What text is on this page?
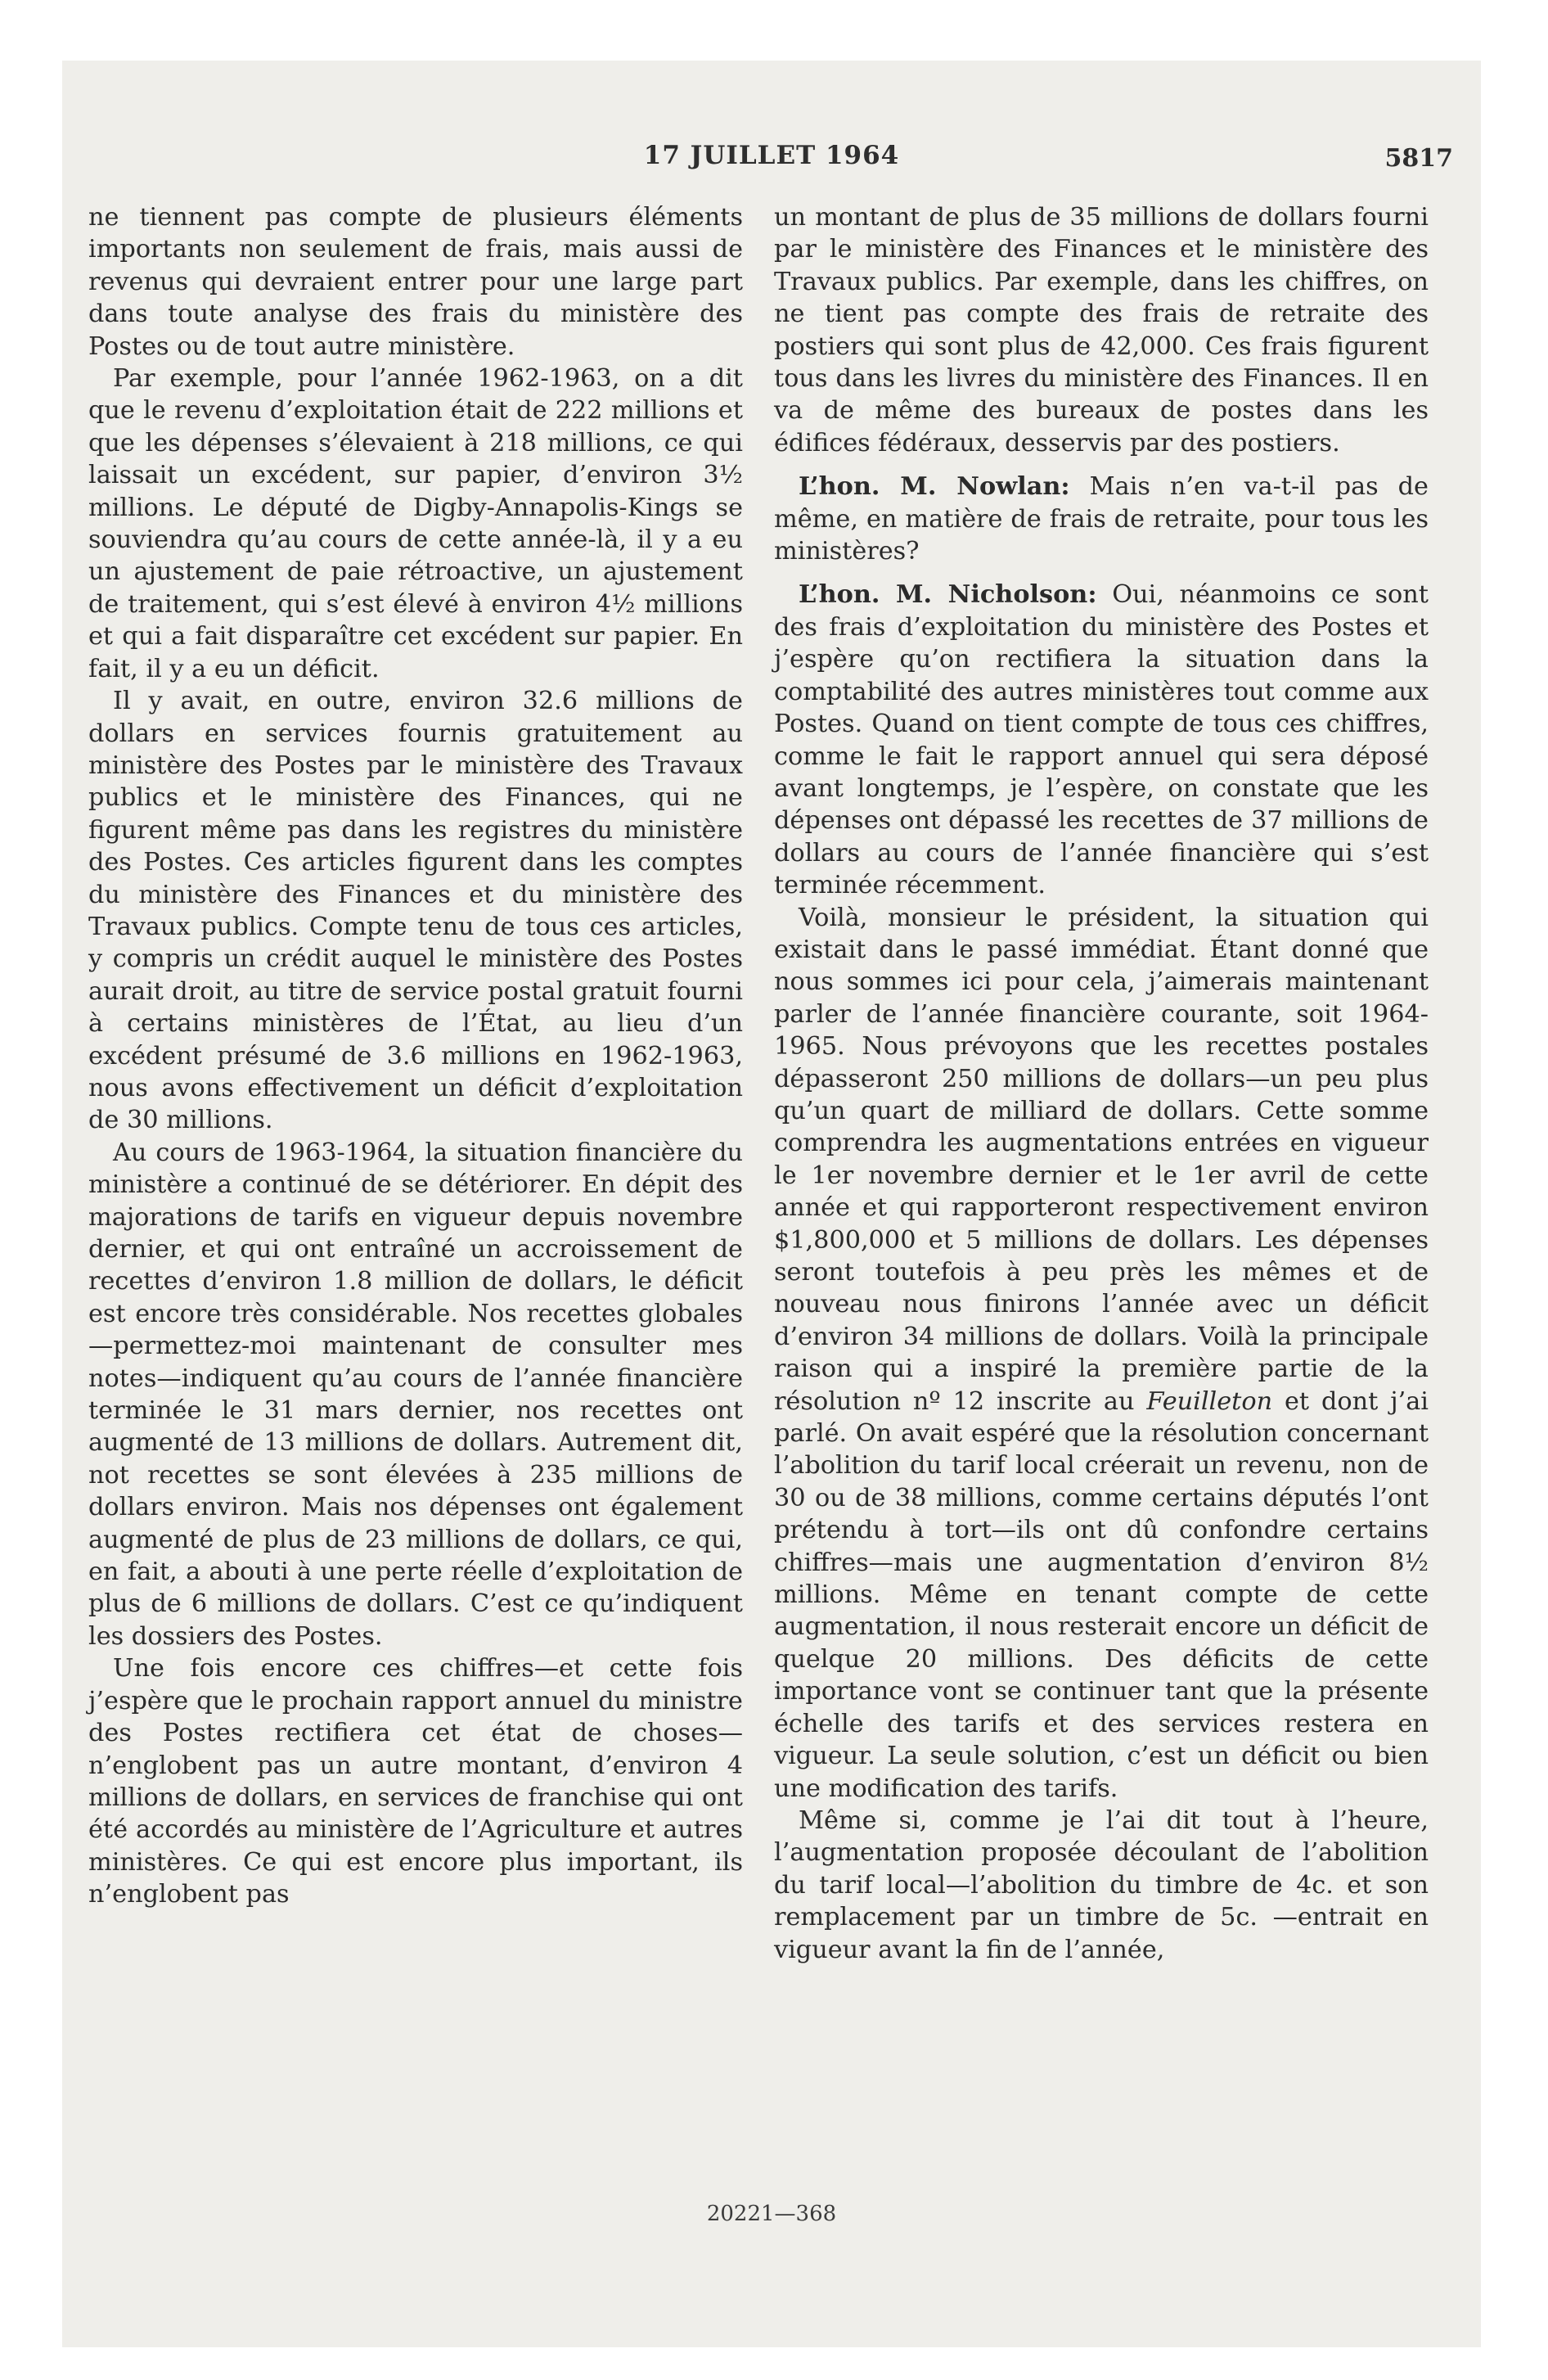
17 JUILLET 1964	5817

ne tiennent pas compte de plusieurs éléments importants non seulement de frais, mais aussi de revenus qui devraient entrer pour une large part dans toute analyse des frais du ministère des Postes ou de tout autre ministère.

Par exemple, pour l’année 1962-1963, on a dit que le revenu d’exploitation était de 222 millions et que les dépenses s’élevaient à 218 millions, ce qui laissait un excédent, sur papier, d’environ 3½ millions. Le député de Digby-Annapolis-Kings se souviendra qu’au cours de cette année-là, il y a eu un ajustement de paie rétroactive, un ajustement de traitement, qui s’est élevé à environ 4½ millions et qui a fait disparaître cet excédent sur papier. En fait, il y a eu un déficit.

Il y avait, en outre, environ 32.6 millions de dollars en services fournis gratuitement au ministère des Postes par le ministère des Travaux publics et le ministère des Finances, qui ne figurent même pas dans les registres du ministère des Postes. Ces articles figurent dans les comptes du ministère des Finances et du ministère des Travaux publics. Compte tenu de tous ces articles, y compris un crédit auquel le ministère des Postes aurait droit, au titre de service postal gratuit fourni à certains ministères de l’État, au lieu d’un excédent présumé de 3.6 millions en 1962-1963, nous avons effectivement un déficit d’exploitation de 30 millions.

Au cours de 1963-1964, la situation financière du ministère a continué de se détériorer. En dépit des majorations de tarifs en vigueur depuis novembre dernier, et qui ont entraîné un accroissement de recettes d’environ 1.8 million de dollars, le déficit est encore très considérable. Nos recettes globales—permettez-moi maintenant de consulter mes notes—indiquent qu’au cours de l’année financière terminée le 31 mars dernier, nos recettes ont augmenté de 13 millions de dollars. Autrement dit, not recettes se sont élevées à 235 millions de dollars environ. Mais nos dépenses ont également augmenté de plus de 23 millions de dollars, ce qui, en fait, a abouti à une perte réelle d’exploitation de plus de 6 millions de dollars. C’est ce qu’indiquent les dossiers des Postes.

Une fois encore ces chiffres—et cette fois j’espère que le prochain rapport annuel du ministre des Postes rectifiera cet état de choses—n’englobent pas un autre montant, d’environ 4 millions de dollars, en services de franchise qui ont été accordés au ministère de l’Agriculture et autres ministères. Ce qui est encore plus important, ils n’englobent pas

un montant de plus de 35 millions de dollars fourni par le ministère des Finances et le ministère des Travaux publics. Par exemple, dans les chiffres, on ne tient pas compte des frais de retraite des postiers qui sont plus de 42,000. Ces frais figurent tous dans les livres du ministère des Finances. Il en va de même des bureaux de postes dans les édifices fédéraux, desservis par des postiers.

L’hon. M. Nowlan: Mais n’en va-t-il pas de même, en matière de frais de retraite, pour tous les ministères?

L’hon. M. Nicholson: Oui, néanmoins ce sont des frais d’exploitation du ministère des Postes et j’espère qu’on rectifiera la situation dans la comptabilité des autres ministères tout comme aux Postes. Quand on tient compte de tous ces chiffres, comme le fait le rapport annuel qui sera déposé avant longtemps, je l’espère, on constate que les dépenses ont dépassé les recettes de 37 millions de dollars au cours de l’année financière qui s’est terminée récemment.

Voilà, monsieur le président, la situation qui existait dans le passé immédiat. Étant donné que nous sommes ici pour cela, j’aimerais maintenant parler de l’année financière courante, soit 1964-1965. Nous prévoyons que les recettes postales dépasseront 250 millions de dollars—un peu plus qu’un quart de milliard de dollars. Cette somme comprendra les augmentations entrées en vigueur le 1er novembre dernier et le 1er avril de cette année et qui rapporteront respectivement environ $1,800,000 et 5 millions de dollars. Les dépenses seront toutefois à peu près les mêmes et de nouveau nous finirons l’année avec un déficit d’environ 34 millions de dollars. Voilà la principale raison qui a inspiré la première partie de la résolution nº 12 inscrite au Feuilleton et dont j’ai parlé. On avait espéré que la résolution concernant l’abolition du tarif local créerait un revenu, non de 30 ou de 38 millions, comme certains députés l’ont prétendu à tort—ils ont dû confondre certains chiffres—mais une augmentation d’environ 8½ millions. Même en tenant compte de cette augmentation, il nous resterait encore un déficit de quelque 20 millions. Des déficits de cette importance vont se continuer tant que la présente échelle des tarifs et des services restera en vigueur. La seule solution, c’est un déficit ou bien une modification des tarifs.

Même si, comme je l’ai dit tout à l’heure, l’augmentation proposée découlant de l’abolition du tarif local—l’abolition du timbre de 4c. et son remplacement par un timbre de 5c. —entrait en vigueur avant la fin de l’année,

20221—368
